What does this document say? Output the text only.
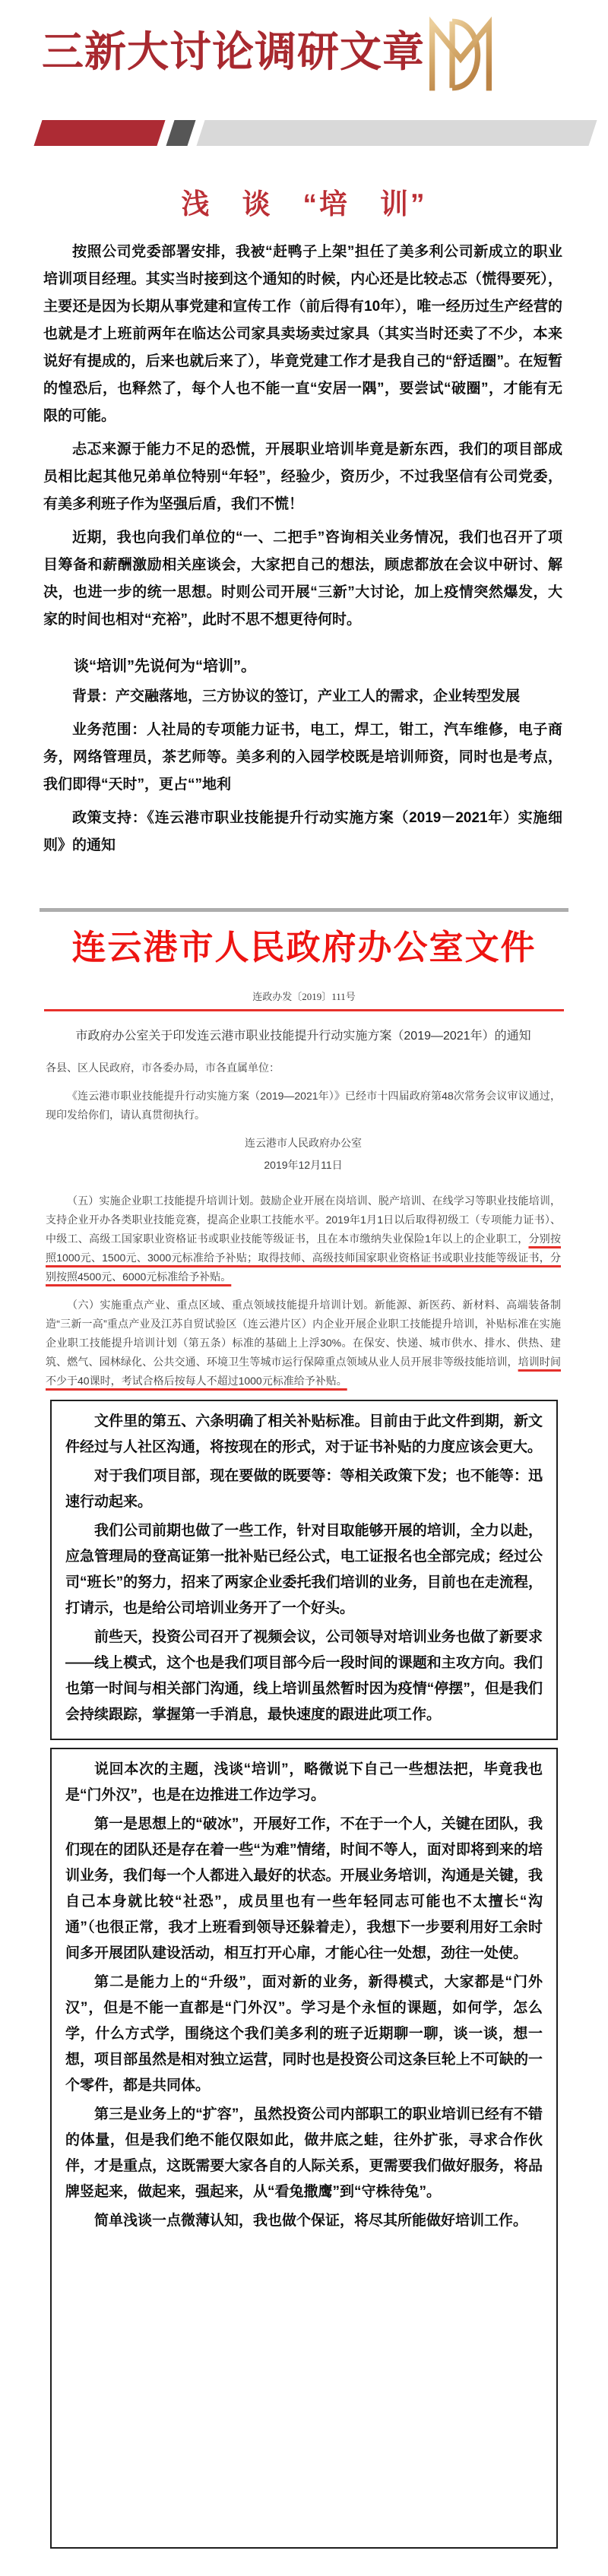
三新大讨论调研文章
浅　谈　“培　训”

按照公司党委部署安排，我被“赶鸭子上架”担任了美多利公司新成立的职业培训项目经理。其实当时接到这个通知的时候，内心还是比较忐忑（慌得要死），主要还是因为长期从事党建和宣传工作（前后得有10年），唯一经历过生产经营的也就是才上班前两年在临达公司家具卖场卖过家具（其实当时还卖了不少，本来说好有提成的，后来也就后来了），毕竟党建工作才是我自己的“舒适圈”。在短暂的惶恐后，也释然了，每个人也不能一直“安居一隅”，要尝试“破圈”，才能有无限的可能。

忐忑来源于能力不足的恐慌，开展职业培训毕竟是新东西，我们的项目部成员相比起其他兄弟单位特别“年轻”，经验少，资历少，不过我坚信有公司党委，有美多利班子作为坚强后盾，我们不慌！

近期，我也向我们单位的“一、二把手”咨询相关业务情况，我们也召开了项目筹备和薪酬激励相关座谈会，大家把自己的想法，顾虑都放在会议中研讨、解决，也进一步的统一思想。时则公司开展“三新”大讨论，加上疫情突然爆发，大家的时间也相对“充裕”，此时不思不想更待何时。

谈“培训”先说何为“培训”。

背景：产交融落地，三方协议的签订，产业工人的需求，企业转型发展

业务范围：人社局的专项能力证书，电工，焊工，钳工，汽车维修，电子商务，网络管理员，茶艺师等。美多利的入园学校既是培训师资，同时也是考点，我们即得“天时”，更占“”地利

政策支持：《连云港市职业技能提升行动实施方案（2019－2021年）实施细则》的通知

连云港市人民政府办公室文件
连政办发〔2019〕111号
市政府办公室关于印发连云港市职业技能提升行动实施方案（2019—2021年）的通知

各县、区人民政府，市各委办局，市各直属单位：

《连云港市职业技能提升行动实施方案（2019—2021年）》已经市十四届政府第48次常务会议审议通过，现印发给你们，请认真贯彻执行。

连云港市人民政府办公室

2019年12月11日

（五）实施企业职工技能提升培训计划。鼓励企业开展在岗培训、脱产培训、在线学习等职业技能培训，支持企业开办各类职业技能竞赛，提高企业职工技能水平。2019年1月1日以后取得初级工（专项能力证书）、中级工、高级工国家职业资格证书或职业技能等级证书，且在本市缴纳失业保险1年以上的企业职工，分别按照1000元、1500元、3000元标准给予补贴；取得技师、高级技师国家职业资格证书或职业技能等级证书，分别按照4500元、6000元标准给予补贴。

（六）实施重点产业、重点区域、重点领域技能提升培训计划。新能源、新医药、新材料、高端装备制造“三新一高”重点产业及江苏自贸试验区（连云港片区）内企业开展企业职工技能提升培训，补贴标准在实施企业职工技能提升培训计划（第五条）标准的基础上上浮30%。在保安、快递、城市供水、排水、供热、建筑、燃气、园林绿化、公共交通、环境卫生等城市运行保障重点领域从业人员开展非等级技能培训，培训时间不少于40课时，考试合格后按每人不超过1000元标准给予补贴。

文件里的第五、六条明确了相关补贴标准。目前由于此文件到期，新文件经过与人社区沟通，将按现在的形式，对于证书补贴的力度应该会更大。

对于我们项目部，现在要做的既要等：等相关政策下发；也不能等：迅速行动起来。

我们公司前期也做了一些工作，针对目取能够开展的培训，全力以赴，应急管理局的登高证第一批补贴已经公式，电工证报名也全部完成；经过公司“班长”的努力，招来了两家企业委托我们培训的业务，目前也在走流程，打请示，也是给公司培训业务开了一个好头。

前些天，投资公司召开了视频会议，公司领导对培训业务也做了新要求——线上模式，这个也是我们项目部今后一段时间的课题和主攻方向。我们也第一时间与相关部门沟通，线上培训虽然暂时因为疫情“停摆”，但是我们会持续跟踪，掌握第一手消息，最快速度的跟进此项工作。

说回本次的主题，浅谈“培训”，略微说下自己一些想法把，毕竟我也是“门外汉”，也是在边推进工作边学习。

第一是思想上的“破冰”，开展好工作，不在于一个人，关键在团队，我们现在的团队还是存在着一些“为难”情绪，时间不等人，面对即将到来的培训业务，我们每一个人都进入最好的状态。开展业务培训，沟通是关键，我自己本身就比较“社恐”，成员里也有一些年轻同志可能也不太擅长“沟通”（也很正常，我才上班看到领导还躲着走），我想下一步要利用好工余时间多开展团队建设活动，相互打开心扉，才能心往一处想，劲往一处使。

第二是能力上的“升级”，面对新的业务，新得模式，大家都是“门外汉”，但是不能一直都是“门外汉”。学习是个永恒的课题，如何学，怎么学，什么方式学，围绕这个我们美多利的班子近期聊一聊，谈一谈，想一想，项目部虽然是相对独立运营，同时也是投资公司这条巨轮上不可缺的一个零件，都是共同体。

第三是业务上的“扩容”，虽然投资公司内部职工的职业培训已经有不错的体量，但是我们绝不能仅限如此，做井底之蛙，往外扩张，寻求合作伙伴，才是重点，这既需要大家各自的人际关系，更需要我们做好服务，将品牌竖起来，做起来，强起来，从“看兔撒鹰”到“守株待兔”。

简单浅谈一点微薄认知，我也做个保证，将尽其所能做好培训工作。
